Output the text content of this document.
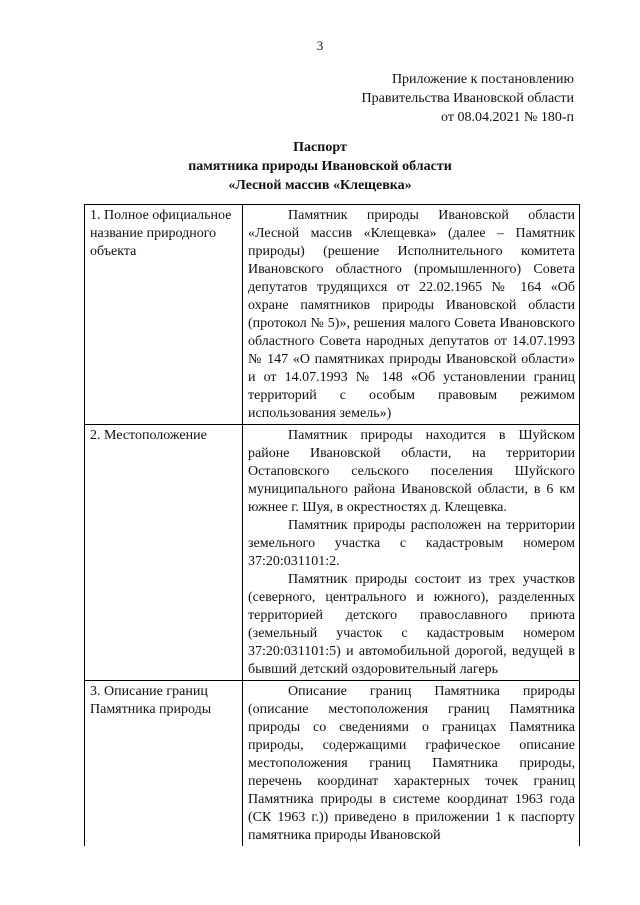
3
Приложение к постановлению
Правительства Ивановской области
от 08.04.2021 № 180-п
Паспорт
памятника природы Ивановской области
«Лесной массив «Клещевка»
1. Полное официальное название природного объекта	Памятник природы Ивановской области «Лесной массив «Клещевка» (далее – Памятник природы) (решение Исполнительного комитета Ивановского областного (промышленного) Совета депутатов трудящихся от 22.02.1965 № 164 «Об охране памятников природы Ивановской области (протокол № 5)», решения малого Совета Ивановского областного Совета народных депутатов от 14.07.1993 № 147 «О памятниках природы Ивановской области» и от 14.07.1993 № 148 «Об установлении границ территорий с особым правовым режимом использования земель»)

2. Местоположение	Памятник природы находится в Шуйском районе Ивановской области, на территории Остаповского сельского поселения Шуйского муниципального района Ивановской области, в 6 км южнее г. Шуя, в окрестностях д. Клещевка.

Памятник природы расположен на территории земельного участка с кадастровым номером 37:20:031101:2.

Памятник природы состоит из трех участков (северного, центрального и южного), разделенных территорией детского православного приюта (земельный участок с кадастровым номером 37:20:031101:5) и автомобильной дорогой, ведущей в бывший детский оздоровительный лагерь

3. Описание границ Памятника природы	Описание границ Памятника природы (описание местоположения границ Памятника природы со сведениями о границах Памятника природы, содержащими графическое описание местоположения границ Памятника природы, перечень координат характерных точек границ Памятника природы в системе координат 1963 года (СК 1963 г.)) приведено в приложении 1 к паспорту памятника природы Ивановской
